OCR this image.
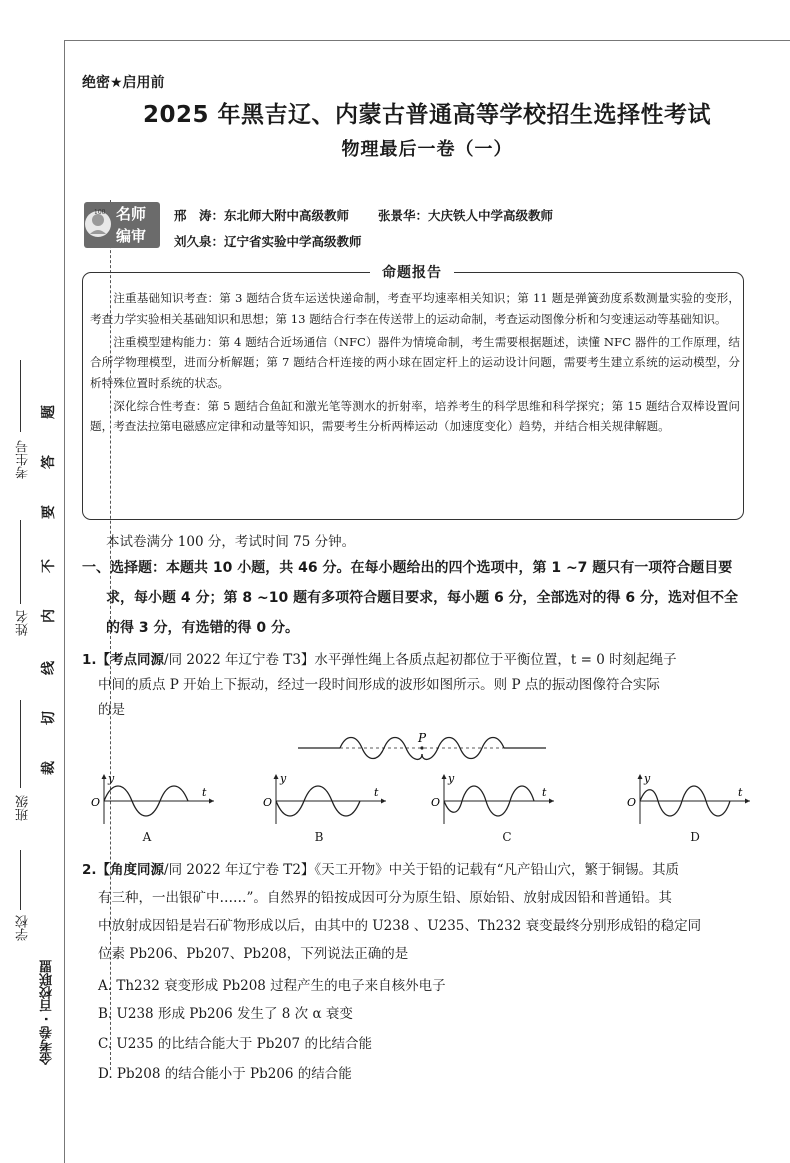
考生号
姓名
班级
学校
金考卷 · 百校联盟
题
答
要
不
内
线
切
裁
绝密★启用前
2025 年黑吉辽、内蒙古普通高等学校招生选择性考试
物理最后一卷（一）
100 名师
编审
邢　涛：东北师大附中高级教师 张景华：大庆铁人中学高级教师
刘久泉：辽宁省实验中学高级教师
命题报告

注重基础知识考查：第 3 题结合货车运送快递命制，考查平均速率相关知识；第 11 题是弹簧劲度系数测量实验的变形，考查力学实验相关基础知识和思想；第 13 题结合行李在传送带上的运动命制，考查运动图像分析和匀变速运动等基础知识。

注重模型建构能力：第 4 题结合近场通信（NFC）器件为情境命制，考生需要根据题述，读懂 NFC 器件的工作原理，结合所学物理模型，进而分析解题；第 7 题结合杆连接的两小球在固定杆上的运动设计问题，需要考生建立系统的运动模型，分析特殊位置时系统的状态。

深化综合性考查：第 5 题结合鱼缸和激光笔等测水的折射率，培养考生的科学思维和科学探究；第 15 题结合双棒设置问题，考查法拉第电磁感应定律和动量等知识，需要考生分析两棒运动（加速度变化）趋势，并结合相关规律解题。

本试卷满分 100 分，考试时间 75 分钟。
一、选择题：本题共 10 小题，共 46 分。在每小题给出的四个选项中，第 1 ~7 题只有一项符合题目要
求，每小题 4 分；第 8 ~10 题有多项符合题目要求，每小题 6 分，全部选对的得 6 分，选对但不全
的得 3 分，有选错的得 0 分。
1.【考点同源/同 2022 年辽宁卷 T3】水平弹性绳上各质点起初都位于平衡位置，t = 0 时刻起绳子
中间的质点 P 开始上下振动，经过一段时间形成的波形如图所示。则 P 点的振动图像符合实际
的是
P
y
t
O
y
t
O
y
t
O
y
t
O
A	B	C	D
2.【角度同源/同 2022 年辽宁卷 T2】《天工开物》中关于铅的记载有“凡产铅山穴，繁于铜锡。其质
有三种，一出银矿中……”。自然界的铅按成因可分为原生铅、原始铅、放射成因铅和普通铅。其
中放射成因铅是岩石矿物形成以后，由其中的 U238 、U235、Th232 衰变最终分别形成铅的稳定同
位素 Pb206、Pb207、Pb208，下列说法正确的是
A. Th232 衰变形成 Pb208 过程产生的电子来自核外电子
B. U238 形成 Pb206 发生了 8 次 α 衰变
C. U235 的比结合能大于 Pb207 的比结合能
D. Pb208 的结合能小于 Pb206 的结合能
